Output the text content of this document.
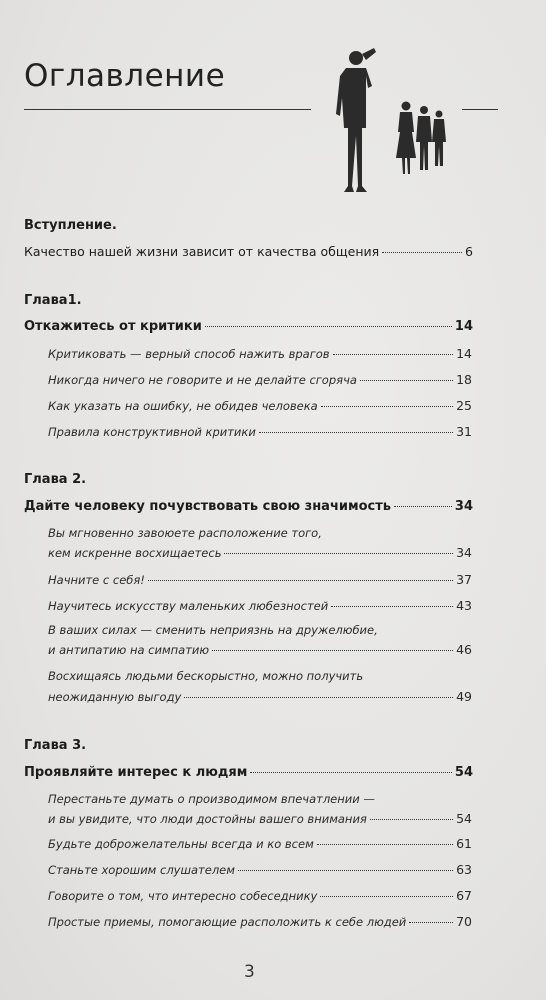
Оглавление
Вступление.
Качество нашей жизни зависит от качества общения	6
Глава1.
Откажитесь от критики	14
Критиковать — верный способ нажить врагов	14
Никогда ничего не говорите и не делайте сгоряча	18
Как указать на ошибку, не обидев человека	25
Правила конструктивной критики	31
Глава 2.
Дайте человеку почувствовать свою значимость	34
Вы мгновенно завоюете расположение того,
кем искренне восхищаетесь	34
Начните с себя!	37
Научитесь искусству маленьких любезностей	43
В ваших силах — сменить неприязнь на дружелюбие,
и антипатию на симпатию	46
Восхищаясь людьми бескорыстно, можно получить
неожиданную выгоду	49
Глава 3.
Проявляйте интерес к людям	54
Перестаньте думать о производимом впечатлении —
и вы увидите, что люди достойны вашего внимания	54
Будьте доброжелательны всегда и ко всем	61
Станьте хорошим слушателем	63
Говорите о том, что интересно собеседнику	67
Простые приемы, помогающие расположить к себе людей	70
3
